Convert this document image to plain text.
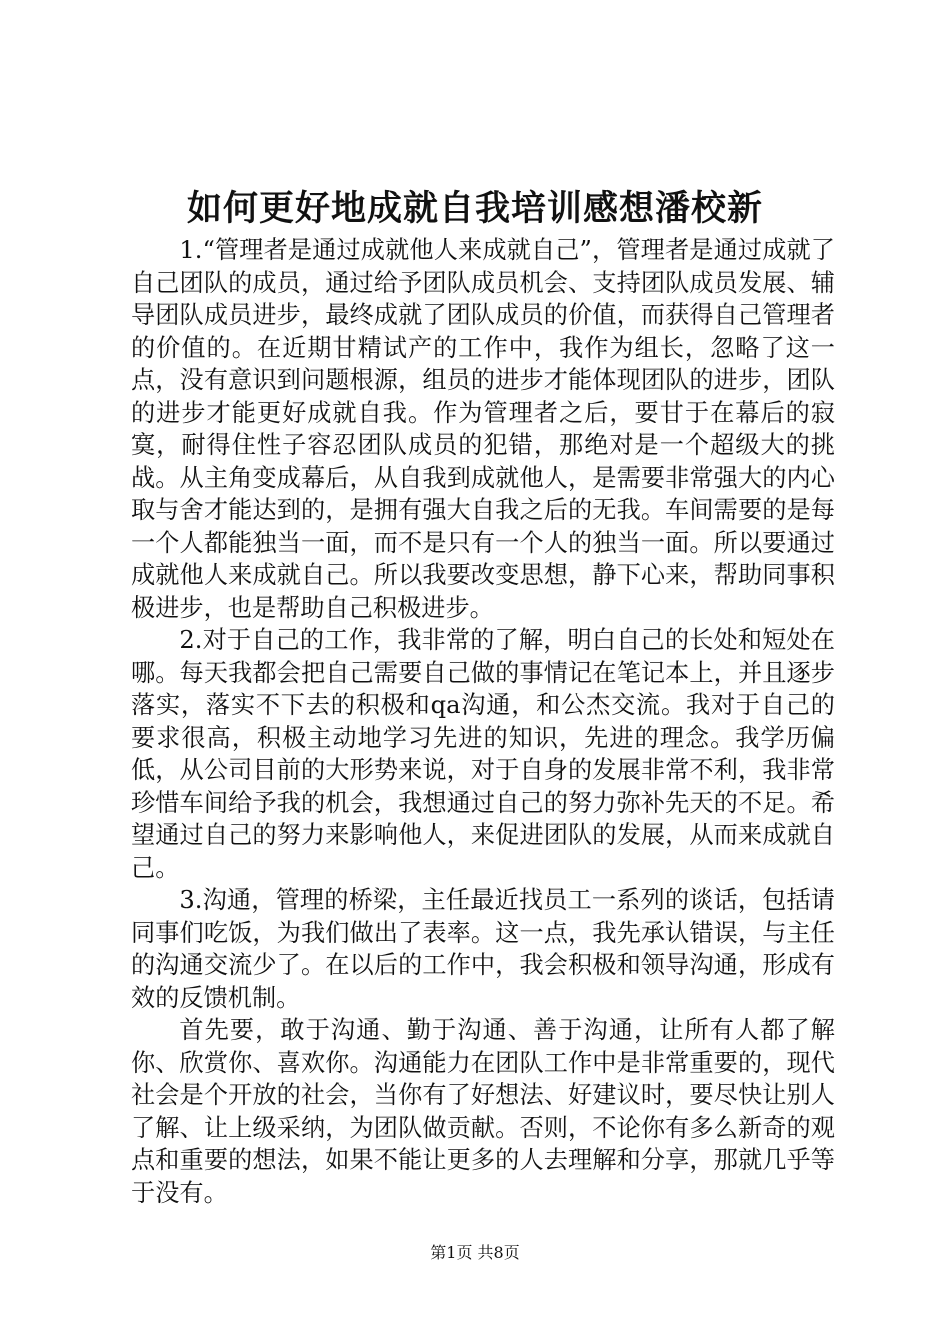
如何更好地成就自我培训感想潘校新

1.“管理者是通过成就他人来成就自己”，管理者是通过成就了自己团队的成员，通过给予团队成员机会、支持团队成员发展、辅导团队成员进步，最终成就了团队成员的价值，而获得自己管理者的价值的。在近期甘精试产的工作中，我作为组长，忽略了这一点，没有意识到问题根源，组员的进步才能体现团队的进步，团队的进步才能更好成就自我。作为管理者之后，要甘于在幕后的寂寞，耐得住性子容忍团队成员的犯错，那绝对是一个超级大的挑战。从主角变成幕后，从自我到成就他人，是需要非常强大的内心取与舍才能达到的，是拥有强大自我之后的无我。车间需要的是每一个人都能独当一面，而不是只有一个人的独当一面。所以要通过成就他人来成就自己。所以我要改变思想，静下心来，帮助同事积极进步，也是帮助自己积极进步。

2.对于自己的工作，我非常的了解，明白自己的长处和短处在哪。每天我都会把自己需要自己做的事情记在笔记本上，并且逐步落实，落实不下去的积极和qa沟通，和公杰交流。我对于自己的要求很高，积极主动地学习先进的知识，先进的理念。我学历偏低，从公司目前的大形势来说，对于自身的发展非常不利，我非常珍惜车间给予我的机会，我想通过自己的努力弥补先天的不足。希望通过自己的努力来影响他人，来促进团队的发展，从而来成就自己。

3.沟通，管理的桥梁，主任最近找员工一系列的谈话，包括请同事们吃饭，为我们做出了表率。这一点，我先承认错误，与主任的沟通交流少了。在以后的工作中，我会积极和领导沟通，形成有效的反馈机制。

首先要，敢于沟通、勤于沟通、善于沟通，让所有人都了解你、欣赏你、喜欢你。沟通能力在团队工作中是非常重要的，现代社会是个开放的社会，当你有了好想法、好建议时，要尽快让别人了解、让上级采纳，为团队做贡献。否则，不论你有多么新奇的观点和重要的想法，如果不能让更多的人去理解和分享，那就几乎等于没有。

第1页 共8页
